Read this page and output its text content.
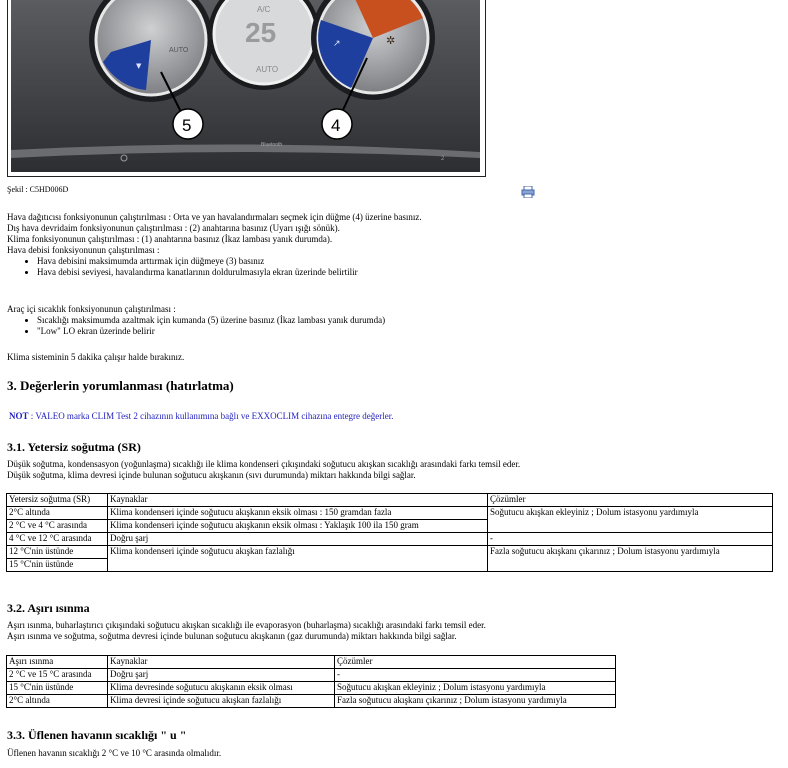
AUTO
▼
A/C
25
AUTO
✲
↗
5	4
Bluetooth
2
Şekil : C5HD006D

Hava dağıtıcısı fonksiyonunun çalıştırılması : Orta ve yan havalandırmaları seçmek için düğme (4) üzerine basınız.

Dış hava devridaim fonksiyonunun çalıştırılması : (2) anahtarına basınız (Uyarı ışığı sönük).

Klima fonksiyonunun çalıştırılması : (1) anahtarına basınız (İkaz lambası yanık durumda).

Hava debisi fonksiyonunun çalıştırılması :

• Hava debisini maksimumda arttırmak için düğmeye (3) basınız
• Hava debisi seviyesi, havalandırma kanatlarının doldurulmasıyla ekran üzerinde belirtilir

Araç içi sıcaklık fonksiyonunun çalıştırılması :

• Sıcaklığı maksimumda azaltmak için kumanda (5) üzerine basınız (İkaz lambası yanık durumda)
• "Low" LO ekran üzerinde belirir
Klima sisteminin 5 dakika çalışır halde bırakınız.
3. Değerlerin yorumlanması (hatırlatma)
NOT : VALEO marka CLIM Test 2 cihazının kullanımına bağlı ve EXXOCLIM cihazına entegre değerler.
3.1. Yetersiz soğutma (SR)

Düşük soğutma, kondensasyon (yoğunlaşma) sıcaklığı ile klima kondenseri çıkışındaki soğutucu akışkan sıcaklığı arasındaki farkı temsil eder.

Düşük soğutma, klima devresi içinde bulunan soğutucu akışkanın (sıvı durumunda) miktarı hakkında bilgi sağlar.

Yetersiz soğutma (SR)	Kaynaklar	Çözümler
2°C altında	Klima kondenseri içinde soğutucu akışkanın eksik olması : 150 gramdan fazla	Soğutucu akışkan ekleyiniz ; Dolum istasyonu yardımıyla
2 °C ve 4 °C arasında	Klima kondenseri içinde soğutucu akışkanın eksik olması : Yaklaşık 100 ila 150 gram	
4 °C ve 12 °C arasında	Doğru şarj	-
12 °C'nin üstünde	Klima kondenseri içinde soğutucu akışkan fazlalığı	Fazla soğutucu akışkanı çıkarınız ; Dolum istasyonu yardımıyla
15 °C'nin üstünde		
3.2. Aşırı ısınma

Aşırı ısınma, buharlaştırıcı çıkışındaki soğutucu akışkan sıcaklığı ile evaporasyon (buharlaşma) sıcaklığı arasındaki farkı temsil eder.

Aşırı ısınma ve soğutma, soğutma devresi içinde bulunan soğutucu akışkanın (gaz durumunda) miktarı hakkında bilgi sağlar.

Aşırı ısınma	Kaynaklar	Çözümler
2 °C ve 15 °C arasında	Doğru şarj	-
15 °C'nin üstünde	Klima devresinde soğutucu akışkanın eksik olması	Soğutucu akışkan ekleyiniz ; Dolum istasyonu yardımıyla
2°C altında	Klima devresi içinde soğutucu akışkan fazlalığı	Fazla soğutucu akışkanı çıkarınız ; Dolum istasyonu yardımıyla
3.3. Üflenen havanın sıcaklığı " u "
Üflenen havanın sıcaklığı 2 °C ve 10 °C arasında olmalıdır.
